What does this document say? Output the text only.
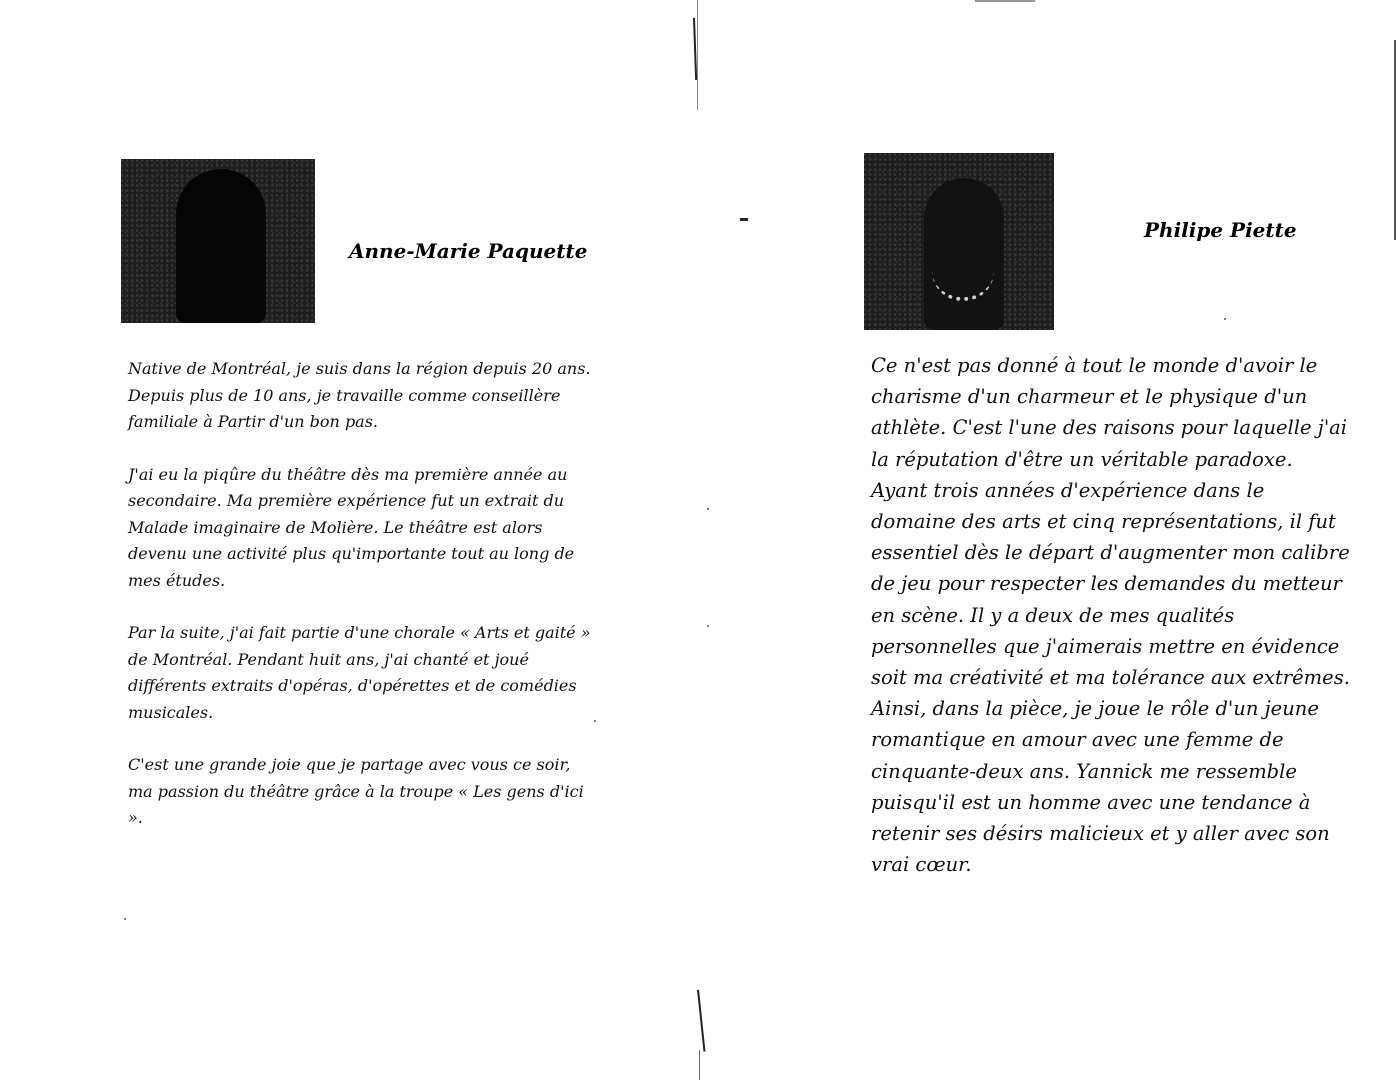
Anne-Marie Paquette

Native de Montréal, je suis dans la région depuis 20 ans. Depuis plus de 10 ans, je travaille comme conseillère familiale à Partir d'un bon pas.

J'ai eu la piqûre du théâtre dès ma première année au secondaire. Ma première expérience fut un extrait du Malade imaginaire de Molière. Le théâtre est alors devenu une activité plus qu'importante tout au long de mes études.

Par la suite, j'ai fait partie d'une chorale « Arts et gaité » de Montréal. Pendant huit ans, j'ai chanté et joué différents extraits d'opéras, d'opérettes et de comédies musicales.

C'est une grande joie que je partage avec vous ce soir, ma passion du théâtre grâce à la troupe « Les gens d'ici ».

Philipe Piette

Ce n'est pas donné à tout le monde d'avoir le charisme d'un charmeur et le physique d'un athlète. C'est l'une des raisons pour laquelle j'ai la réputation d'être un véritable paradoxe. Ayant trois années d'expérience dans le domaine des arts et cinq représentations, il fut essentiel dès le départ d'augmenter mon calibre de jeu pour respecter les demandes du metteur en scène. Il y a deux de mes qualités personnelles que j'aimerais mettre en évidence soit ma créativité et ma tolérance aux extrêmes. Ainsi, dans la pièce, je joue le rôle d'un jeune romantique en amour avec une femme de cinquante-deux ans. Yannick me ressemble puisqu'il est un homme avec une tendance à retenir ses désirs malicieux et y aller avec son vrai cœur.
